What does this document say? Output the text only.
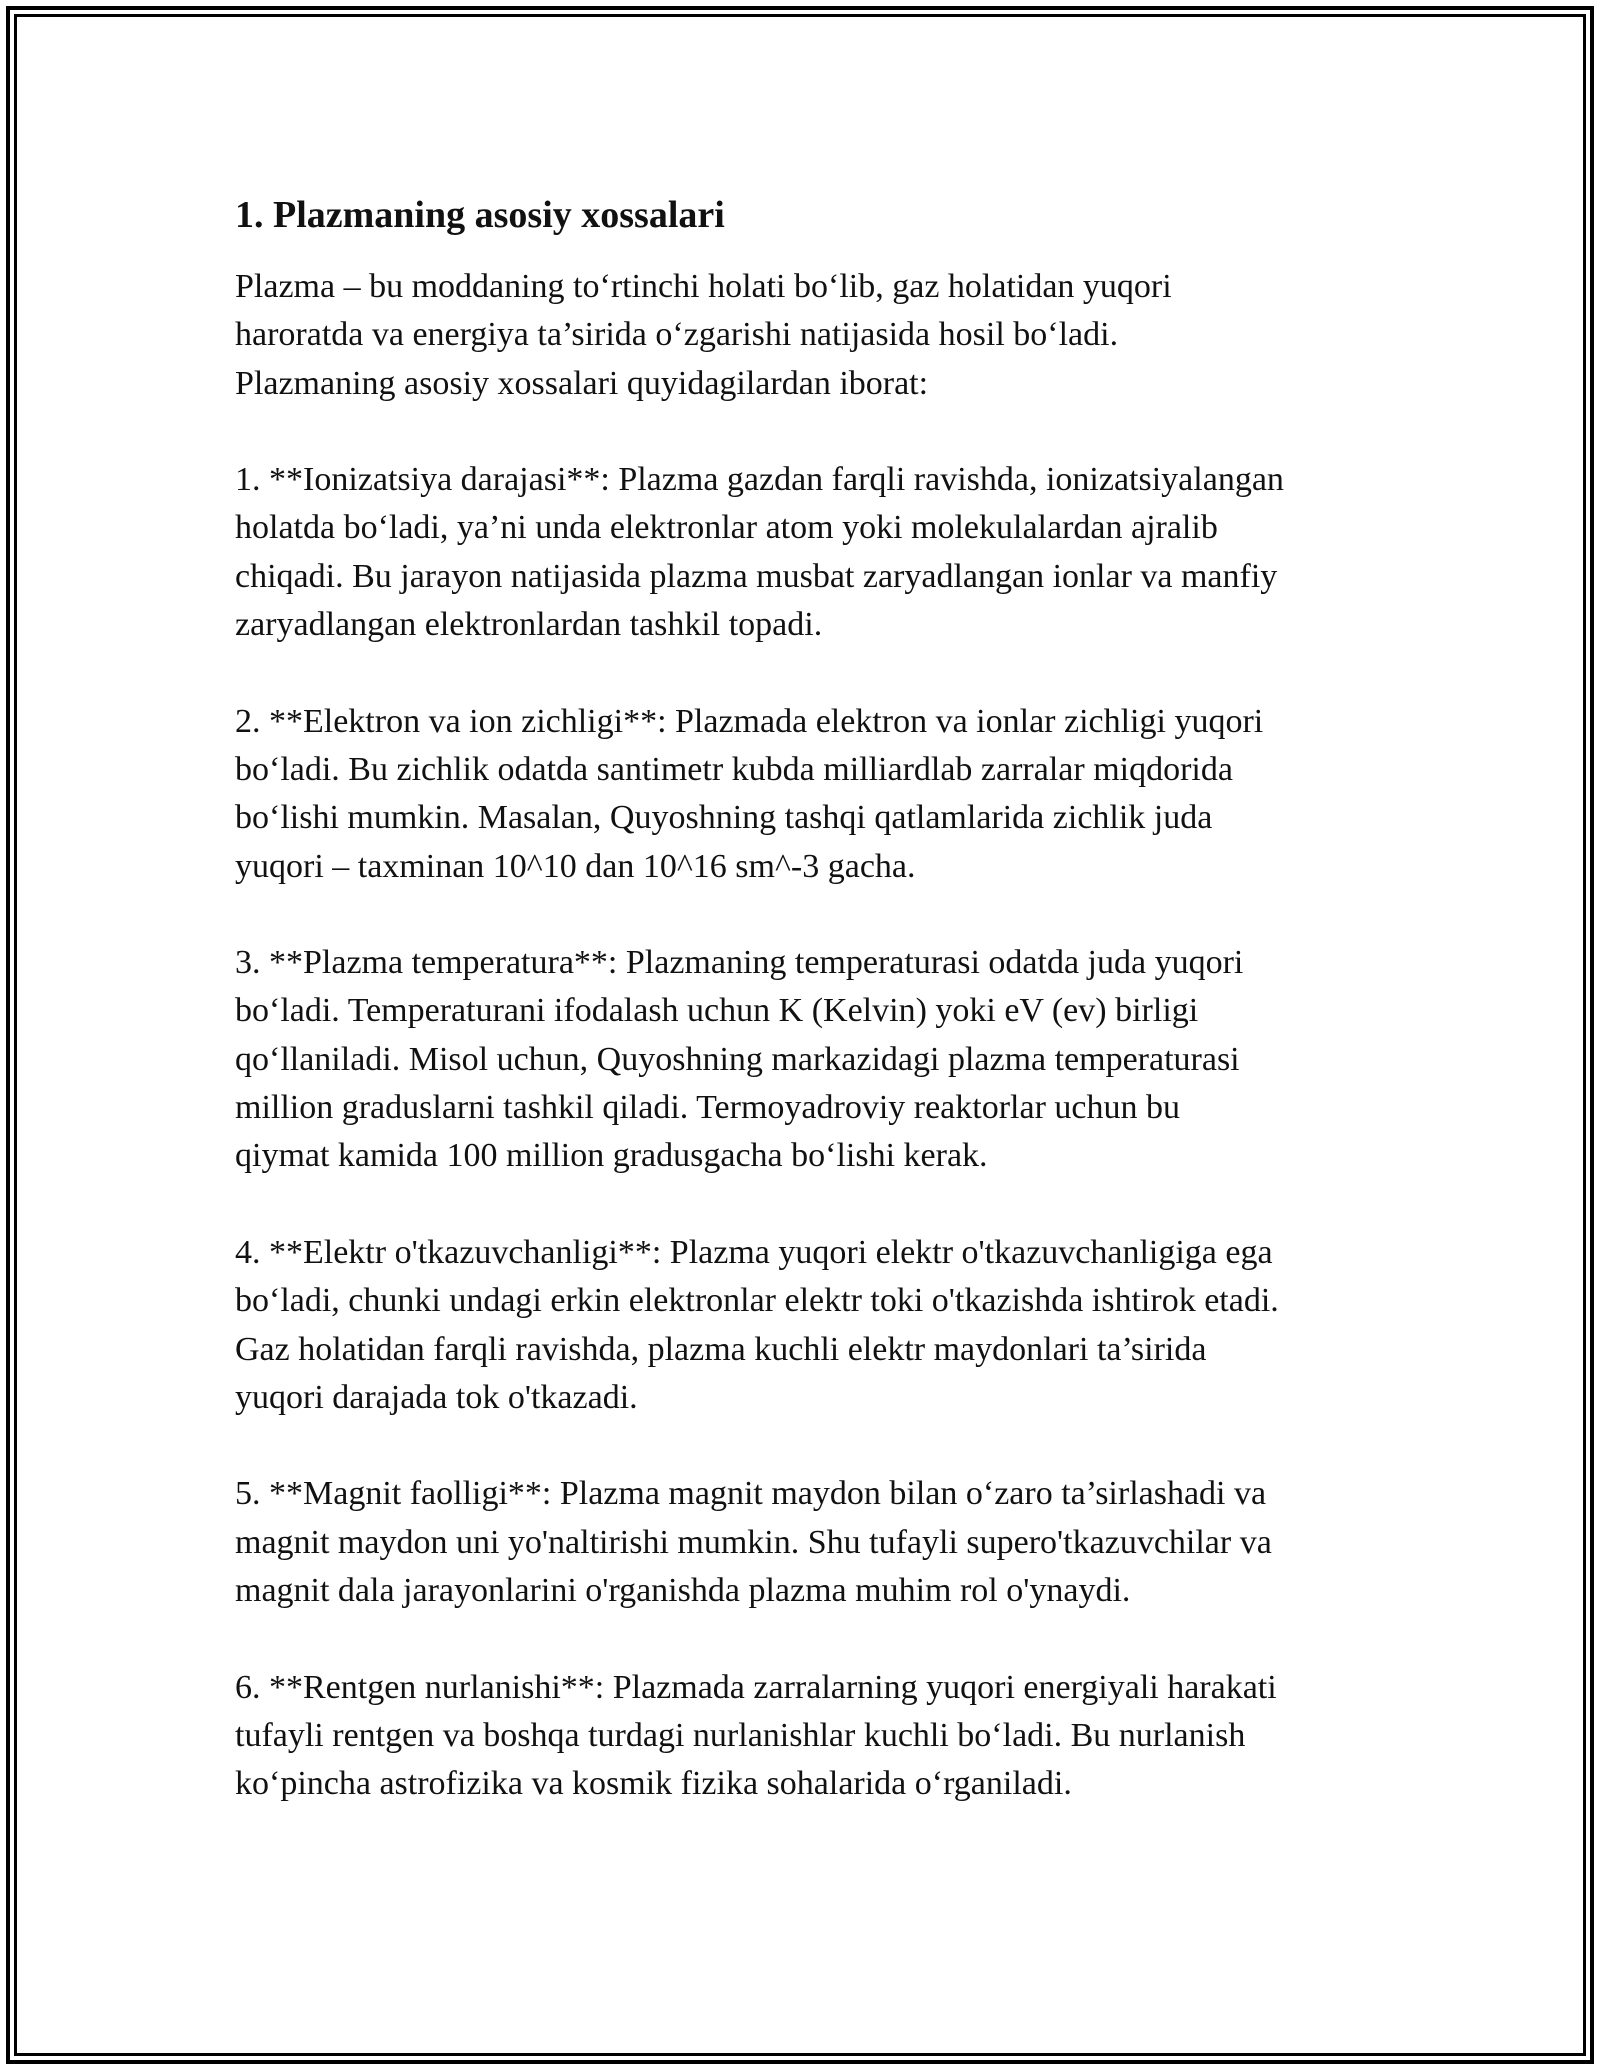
1. Plazmaning asosiy xossalari

Plazma – bu moddaning to‘rtinchi holati bo‘lib, gaz holatidan yuqori
haroratda va energiya ta’sirida o‘zgarishi natijasida hosil bo‘ladi.
Plazmaning asosiy xossalari quyidagilardan iborat:

1. **Ionizatsiya darajasi**: Plazma gazdan farqli ravishda, ionizatsiyalangan
holatda bo‘ladi, ya’ni unda elektronlar atom yoki molekulalardan ajralib
chiqadi. Bu jarayon natijasida plazma musbat zaryadlangan ionlar va manfiy
zaryadlangan elektronlardan tashkil topadi.

2. **Elektron va ion zichligi**: Plazmada elektron va ionlar zichligi yuqori
bo‘ladi. Bu zichlik odatda santimetr kubda milliardlab zarralar miqdorida
bo‘lishi mumkin. Masalan, Quyoshning tashqi qatlamlarida zichlik juda
yuqori – taxminan 10^10 dan 10^16 sm^-3 gacha.

3. **Plazma temperatura**: Plazmaning temperaturasi odatda juda yuqori
bo‘ladi. Temperaturani ifodalash uchun K (Kelvin) yoki eV (ev) birligi
qo‘llaniladi. Misol uchun, Quyoshning markazidagi plazma temperaturasi
million graduslarni tashkil qiladi. Termoyadroviy reaktorlar uchun bu
qiymat kamida 100 million gradusgacha bo‘lishi kerak.

4. **Elektr o'tkazuvchanligi**: Plazma yuqori elektr o'tkazuvchanligiga ega
bo‘ladi, chunki undagi erkin elektronlar elektr toki o'tkazishda ishtirok etadi.
Gaz holatidan farqli ravishda, plazma kuchli elektr maydonlari ta’sirida
yuqori darajada tok o'tkazadi.

5. **Magnit faolligi**: Plazma magnit maydon bilan o‘zaro ta’sirlashadi va
magnit maydon uni yo'naltirishi mumkin. Shu tufayli supero'tkazuvchilar va
magnit dala jarayonlarini o'rganishda plazma muhim rol o'ynaydi.

6. **Rentgen nurlanishi**: Plazmada zarralarning yuqori energiyali harakati
tufayli rentgen va boshqa turdagi nurlanishlar kuchli bo‘ladi. Bu nurlanish
ko‘pincha astrofizika va kosmik fizika sohalarida o‘rganiladi.
